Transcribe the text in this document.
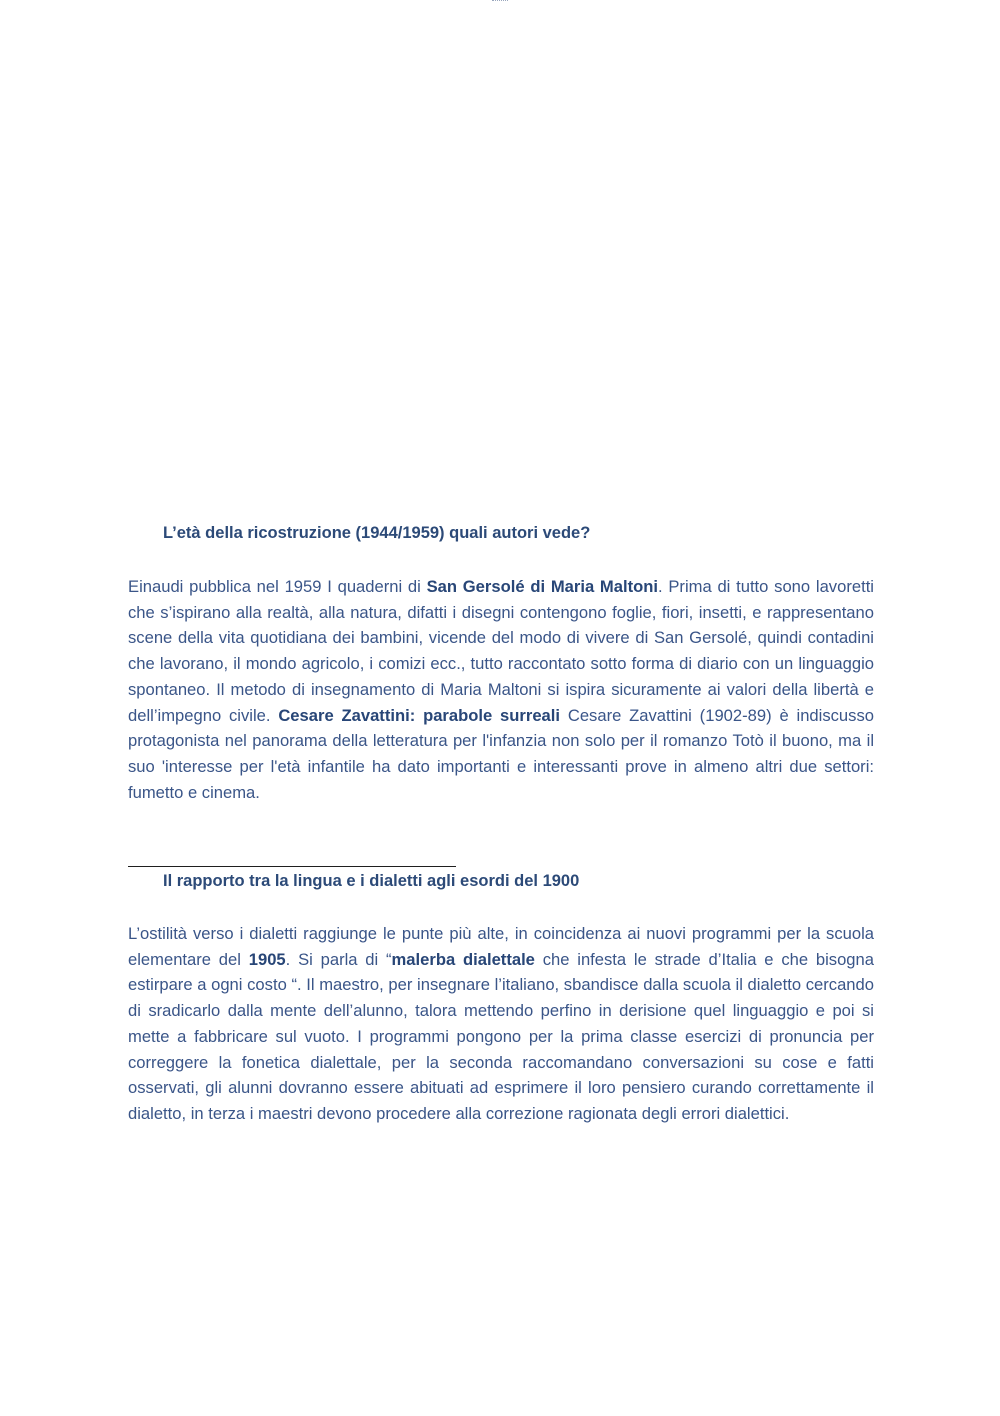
L’età della ricostruzione (1944/1959) quali autori vede?

Einaudi pubblica nel 1959 I quaderni di San Gersolé di Maria Maltoni. Prima di tutto sono lavoretti che s’ispirano alla realtà, alla natura, difatti i disegni contengono foglie, fiori, insetti, e rappresentano scene della vita quotidiana dei bambini, vicende del modo di vivere di San Gersolé, quindi contadini che lavorano, il mondo agricolo, i comizi ecc., tutto raccontato sotto forma di diario con un linguaggio spontaneo. Il metodo di insegnamento di Maria Maltoni si ispira sicuramente ai valori della libertà e dell’impegno civile. Cesare Zavattini: parabole surreali Cesare Zavattini (1902-89) è indiscusso protagonista nel panorama della letteratura per l'infanzia non solo per il romanzo Totò il buono, ma il suo 'interesse per l'età infantile ha dato importanti e interessanti prove in almeno altri due settori: fumetto e cinema.

Il rapporto tra la lingua e i dialetti agli esordi del 1900

L’ostilità verso i dialetti raggiunge le punte più alte, in coincidenza ai nuovi programmi per la scuola elementare del 1905. Si parla di “malerba dialettale che infesta le strade d’Italia e che bisogna estirpare a ogni costo “. Il maestro, per insegnare l’italiano, sbandisce dalla scuola il dialetto cercando di sradicarlo dalla mente dell’alunno, talora mettendo perfino in derisione quel linguaggio e poi si mette a fabbricare sul vuoto. I programmi pongono per la prima classe esercizi di pronuncia per correggere la fonetica dialettale, per la seconda raccomandano conversazioni su cose e fatti osservati, gli alunni dovranno essere abituati ad esprimere il loro pensiero curando correttamente il dialetto, in terza i maestri devono procedere alla correzione ragionata degli errori dialettici.
